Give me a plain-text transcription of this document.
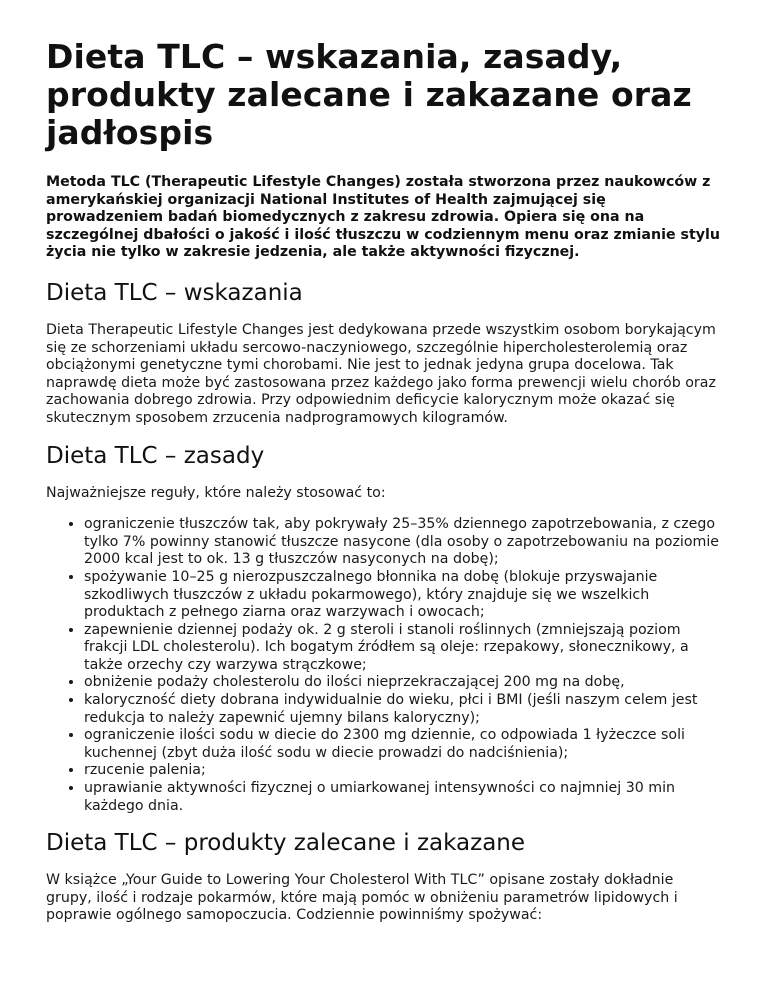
Dieta TLC – wskazania, zasady, produkty zalecane i zakazane oraz jadłospis

Metoda TLC (Therapeutic Lifestyle Changes) została stworzona przez naukowców z amerykańskiej organizacji National Institutes of Health zajmującej się prowadzeniem badań biomedycznych z zakresu zdrowia. Opiera się ona na szczególnej dbałości o jakość i ilość tłuszczu w codziennym menu oraz zmianie stylu życia nie tylko w zakresie jedzenia, ale także aktywności fizycznej.

Dieta TLC – wskazania

Dieta Therapeutic Lifestyle Changes jest dedykowana przede wszystkim osobom borykającym się ze schorzeniami układu sercowo-naczyniowego, szczególnie hipercholesterolemią oraz obciążonymi genetyczne tymi chorobami. Nie jest to jednak jedyna grupa docelowa. Tak naprawdę dieta może być zastosowana przez każdego jako forma prewencji wielu chorób oraz zachowania dobrego zdrowia. Przy odpowiednim deficycie kalorycznym może okazać się skutecznym sposobem zrzucenia nadprogramowych kilogramów.

Dieta TLC – zasady

Najważniejsze reguły, które należy stosować to:

• ograniczenie tłuszczów tak, aby pokrywały 25–35% dziennego zapotrzebowania, z czego tylko 7% powinny stanowić tłuszcze nasycone (dla osoby o zapotrzebowaniu na poziomie 2000 kcal jest to ok. 13 g tłuszczów nasyconych na dobę);
• spożywanie 10–25 g nierozpuszczalnego błonnika na dobę (blokuje przyswajanie szkodliwych tłuszczów z układu pokarmowego), który znajduje się we wszelkich produktach z pełnego ziarna oraz warzywach i owocach;
• zapewnienie dziennej podaży ok. 2 g steroli i stanoli roślinnych (zmniejszają poziom frakcji LDL cholesterolu). Ich bogatym źródłem są oleje: rzepakowy, słonecznikowy, a także orzechy czy warzywa strączkowe;
• obniżenie podaży cholesterolu do ilości nieprzekraczającej 200 mg na dobę,
• kaloryczność diety dobrana indywidualnie do wieku, płci i BMI (jeśli naszym celem jest redukcja to należy zapewnić ujemny bilans kaloryczny);
• ograniczenie ilości sodu w diecie do 2300 mg dziennie, co odpowiada 1 łyżeczce soli kuchennej (zbyt duża ilość sodu w diecie prowadzi do nadciśnienia);
• rzucenie palenia;
• uprawianie aktywności fizycznej o umiarkowanej intensywności co najmniej 30 min każdego dnia.
Dieta TLC – produkty zalecane i zakazane

W książce „Your Guide to Lowering Your Cholesterol With TLC” opisane zostały dokładnie grupy, ilość i rodzaje pokarmów, które mają pomóc w obniżeniu parametrów lipidowych i poprawie ogólnego samopoczucia. Codziennie powinniśmy spożywać:
